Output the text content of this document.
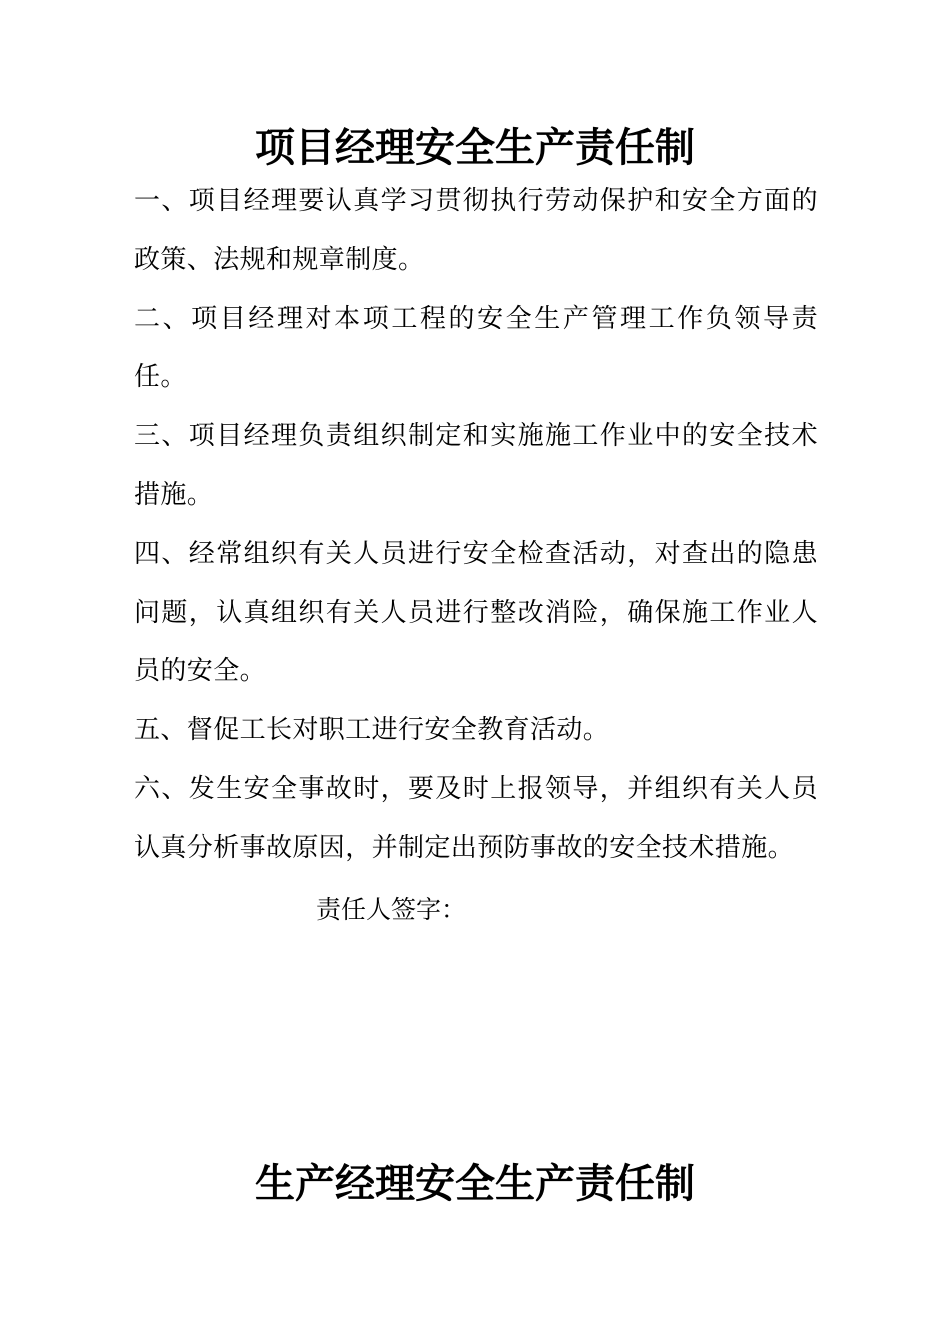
项目经理安全生产责任制
一、项目经理要认真学习贯彻执行劳动保护和安全方面的政策、法规和规章制度。
二、项目经理对本项工程的安全生产管理工作负领导责任。
三、项目经理负责组织制定和实施施工作业中的安全技术措施。
四、经常组织有关人员进行安全检查活动，对查出的隐患问题，认真组织有关人员进行整改消险，确保施工作业人员的安全。
五、督促工长对职工进行安全教育活动。
六、发生安全事故时，要及时上报领导，并组织有关人员认真分析事故原因，并制定出预防事故的安全技术措施。
责任人签字：
生产经理安全生产责任制
